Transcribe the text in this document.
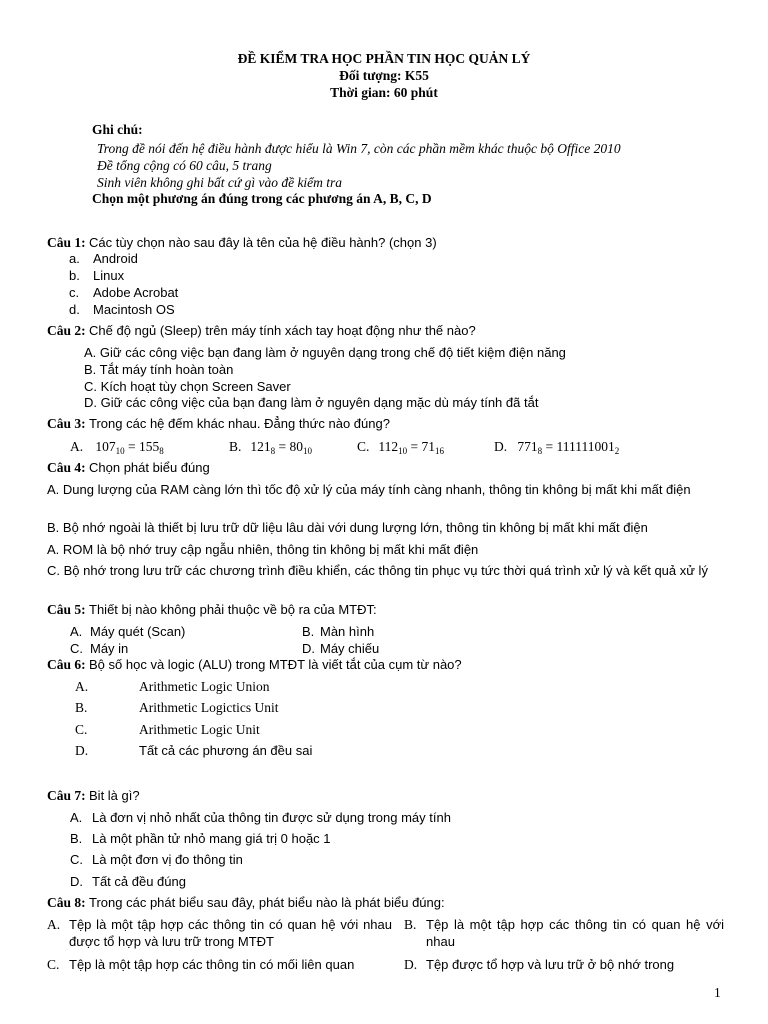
ĐỀ KIỂM TRA HỌC PHẦN TIN HỌC QUẢN LÝ
Đối tượng: K55
Thời gian: 60 phút
Ghi chú:
Trong đề nói đến hệ điều hành được hiểu là Win 7, còn các phần mềm khác thuộc bộ Office 2010
Đề tổng cộng có 60 câu, 5 trang
Sinh viên không ghi bất cứ gì vào đề kiểm tra
Chọn một phương án đúng trong các phương án A, B, C, D
Câu 1: Các tùy chọn nào sau đây là tên của hệ điều hành? (chọn 3)
a. Android
b. Linux
c. Adobe Acrobat
d. Macintosh OS
Câu 2: Chế độ ngủ (Sleep) trên máy tính xách tay hoạt động như thế nào?
A. Giữ các công việc bạn đang làm ở nguyên dạng trong chế độ tiết kiệm điện năng
B. Tắt máy tính hoàn toàn
C. Kích hoạt tùy chọn Screen Saver
D. Giữ các công việc của bạn đang làm ở nguyên dạng mặc dù máy tính đã tắt
Câu 3: Trong các hệ đếm khác nhau. Đẳng thức nào đúng?
A. $107_{10} = 155_8$	B. $121_8 = 80_{10}$	C. $112_{10} = 71_{16}$	D. $771_8 = 111111001_2$
Câu 4: Chọn phát biểu đúng
A. Dung lượng của RAM càng lớn thì tốc độ xử lý của máy tính càng nhanh, thông tin không bị mất khi mất điện
B. Bộ nhớ ngoài là thiết bị lưu trữ dữ liệu lâu dài với dung lượng lớn, thông tin không bị mất khi mất điện
A. ROM là bộ nhớ truy cập ngẫu nhiên, thông tin không bị mất khi mất điện
C. Bộ nhớ trong lưu trữ các chương trình điều khiển, các thông tin phục vụ tức thời quá trình xử lý và kết quả xử lý
Câu 5: Thiết bị nào không phải thuộc về bộ ra của MTĐT:
A. Máy quét (Scan)	B. Màn hình
C. Máy in	D. Máy chiếu
Câu 6: Bộ số học và logic (ALU) trong MTĐT là viết tắt của cụm từ nào?
A.	Arithmetic Logic Union
B.	Arithmetic Logictics Unit
C.	Arithmetic Logic Unit
D.	Tất cả các phương án đều sai
Câu 7: Bit là gì?
A. Là đơn vị nhỏ nhất của thông tin được sử dụng trong máy tính
B. Là một phần tử nhỏ mang giá trị 0 hoặc 1
C. Là một đơn vị đo thông tin
D. Tất cả đều đúng
Câu 8: Trong các phát biểu sau đây, phát biểu nào là phát biểu đúng:
A. Tệp là một tập hợp các thông tin có quan hệ với nhau được tổ hợp và lưu trữ trong MTĐT
B. Tệp là một tập hợp các thông tin có quan hệ với nhau
C. Tệp là một tập hợp các thông tin có mối liên quan	D. Tệp được tổ hợp và lưu trữ ở bộ nhớ trong
1
